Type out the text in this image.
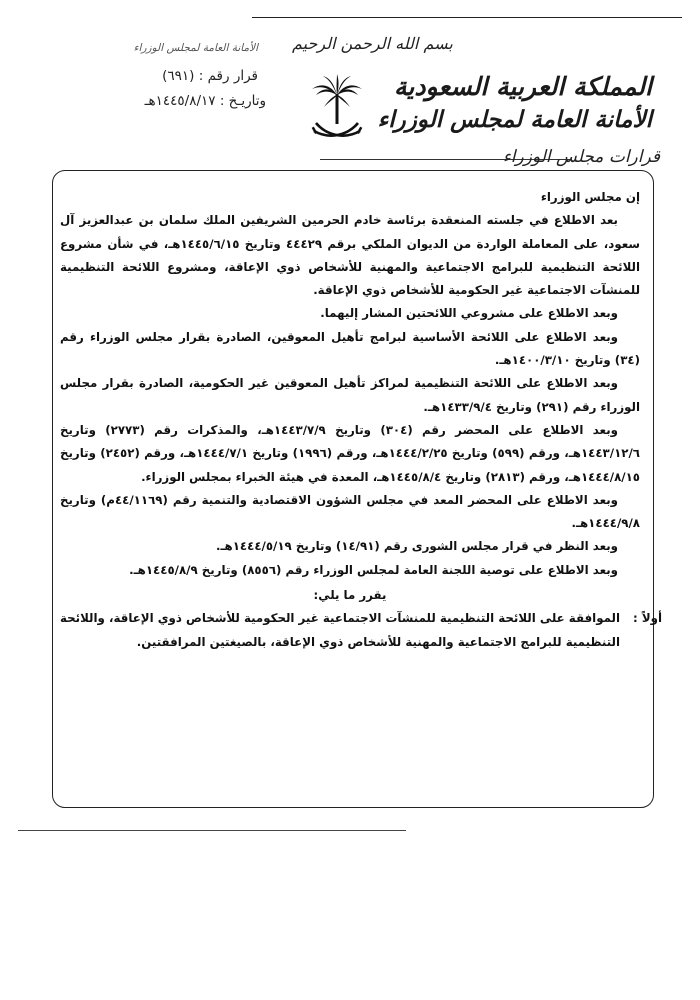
المملكة العربية السعودية
الأمانة العامة لمجلس الوزراء
قرارات مجلس الوزراء
بسم الله الرحمن الرحيم
الأمانة العامة لمجلس الوزراء
قرار رقم : (٦٩١)
وتاريـخ : ١٤٤٥/٨/١٧هـ

إن مجلس الوزراء

بعد الاطلاع في جلسته المنعقدة برئاسة خادم الحرمين الشريفين الملك سلمان بن عبدالعزيز آل سعود، على المعاملة الواردة من الديوان الملكي برقم ٤٤٤٢٩ وتاريخ ١٤٤٥/٦/١٥هـ، في شأن مشروع اللائحة التنظيمية للبرامج الاجتماعية والمهنية للأشخاص ذوي الإعاقة، ومشروع اللائحة التنظيمية للمنشآت الاجتماعية غير الحكومية للأشخاص ذوي الإعاقة.

وبعد الاطلاع على مشروعي اللائحتين المشار إليهما.

وبعد الاطلاع على اللائحة الأساسية لبرامج تأهيل المعوقين، الصادرة بقرار مجلس الوزراء رقم (٣٤) وتاريخ ١٤٠٠/٣/١٠هـ.

وبعد الاطلاع على اللائحة التنظيمية لمراكز تأهيل المعوقين غير الحكومية، الصادرة بقرار مجلس الوزراء رقم (٢٩١) وتاريخ ١٤٣٣/٩/٤هـ.

وبعد الاطلاع على المحضر رقم (٣٠٤) وتاريخ ١٤٤٣/٧/٩هـ، والمذكرات رقم (٢٧٧٣) وتاريخ ١٤٤٣/١٢/٦هـ، ورقم (٥٩٩) وتاريخ ١٤٤٤/٢/٢٥هـ، ورقم (١٩٩٦) وتاريخ ١٤٤٤/٧/١هـ، ورقم (٢٤٥٢) وتاريخ ١٤٤٤/٨/١٥هـ، ورقم (٢٨١٣) وتاريخ ١٤٤٥/٨/٤هـ، المعدة في هيئة الخبراء بمجلس الوزراء.

وبعد الاطلاع على المحضر المعد في مجلس الشؤون الاقتصادية والتنمية رقم (٤٤/١١٦٩م) وتاريخ ١٤٤٤/٩/٨هـ.

وبعد النظر في قرار مجلس الشورى رقم (١٤/٩١) وتاريخ ١٤٤٤/٥/١٩هـ.

وبعد الاطلاع على توصية اللجنة العامة لمجلس الوزراء رقم (٨٥٥٦) وتاريخ ١٤٤٥/٨/٩هـ.

يقرر ما يلي:

أولاً :
الموافقة على اللائحة التنظيمية للمنشآت الاجتماعية غير الحكومية للأشخاص ذوي الإعاقة، واللائحة التنظيمية للبرامج الاجتماعية والمهنية للأشخاص ذوي الإعاقة، بالصيغتين المرافقتين.
